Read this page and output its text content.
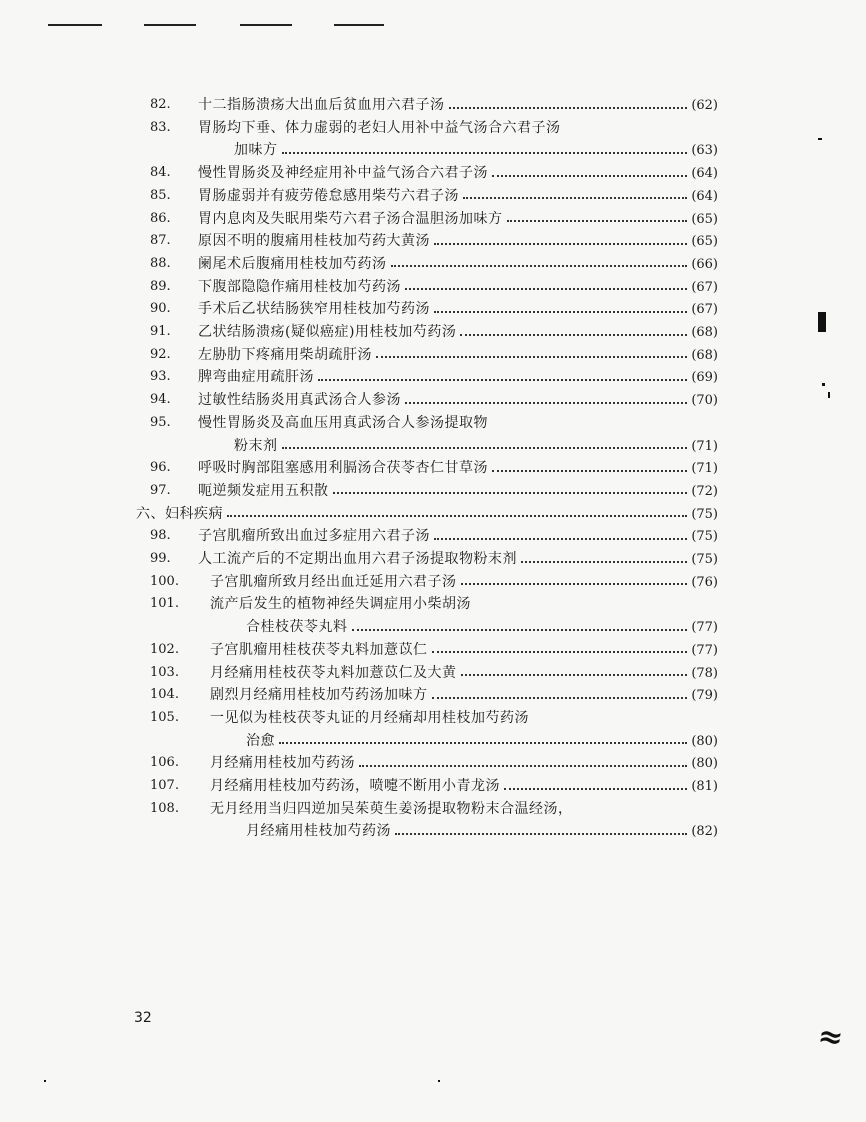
82. 十二指肠溃疡大出血后贫血用六君子汤	(62)
83. 胃肠均下垂、体力虚弱的老妇人用补中益气汤合六君子汤
加味方	(63)
84. 慢性胃肠炎及神经症用补中益气汤合六君子汤	(64)
85. 胃肠虚弱并有疲劳倦怠感用柴芍六君子汤	(64)
86. 胃内息肉及失眠用柴芍六君子汤合温胆汤加味方	(65)
87. 原因不明的腹痛用桂枝加芍药大黄汤	(65)
88. 阑尾术后腹痛用桂枝加芍药汤	(66)
89. 下腹部隐隐作痛用桂枝加芍药汤	(67)
90. 手术后乙状结肠狭窄用桂枝加芍药汤	(67)
91. 乙状结肠溃疡(疑似癌症)用桂枝加芍药汤	(68)
92. 左胁肋下疼痛用柴胡疏肝汤	(68)
93. 脾弯曲症用疏肝汤	(69)
94. 过敏性结肠炎用真武汤合人参汤	(70)
95. 慢性胃肠炎及高血压用真武汤合人参汤提取物
粉末剂	(71)
96. 呼吸时胸部阻塞感用利膈汤合茯苓杏仁甘草汤	(71)
97. 呃逆频发症用五积散	(72)
六、妇科疾病	(75)
98. 子宫肌瘤所致出血过多症用六君子汤	(75)
99. 人工流产后的不定期出血用六君子汤提取物粉末剂	(75)
100. 子宫肌瘤所致月经出血迁延用六君子汤	(76)
101. 流产后发生的植物神经失调症用小柴胡汤
合桂枝茯苓丸料	(77)
102. 子宫肌瘤用桂枝茯苓丸料加薏苡仁	(77)
103. 月经痛用桂枝茯苓丸料加薏苡仁及大黄	(78)
104. 剧烈月经痛用桂枝加芍药汤加味方	(79)
105. 一见似为桂枝茯苓丸证的月经痛却用桂枝加芍药汤
治愈	(80)
106. 月经痛用桂枝加芍药汤	(80)
107. 月经痛用桂枝加芍药汤，喷嚏不断用小青龙汤	(81)
108. 无月经用当归四逆加吴茱萸生姜汤提取物粉末合温经汤，
月经痛用桂枝加芍药汤	(82)
32
≈
